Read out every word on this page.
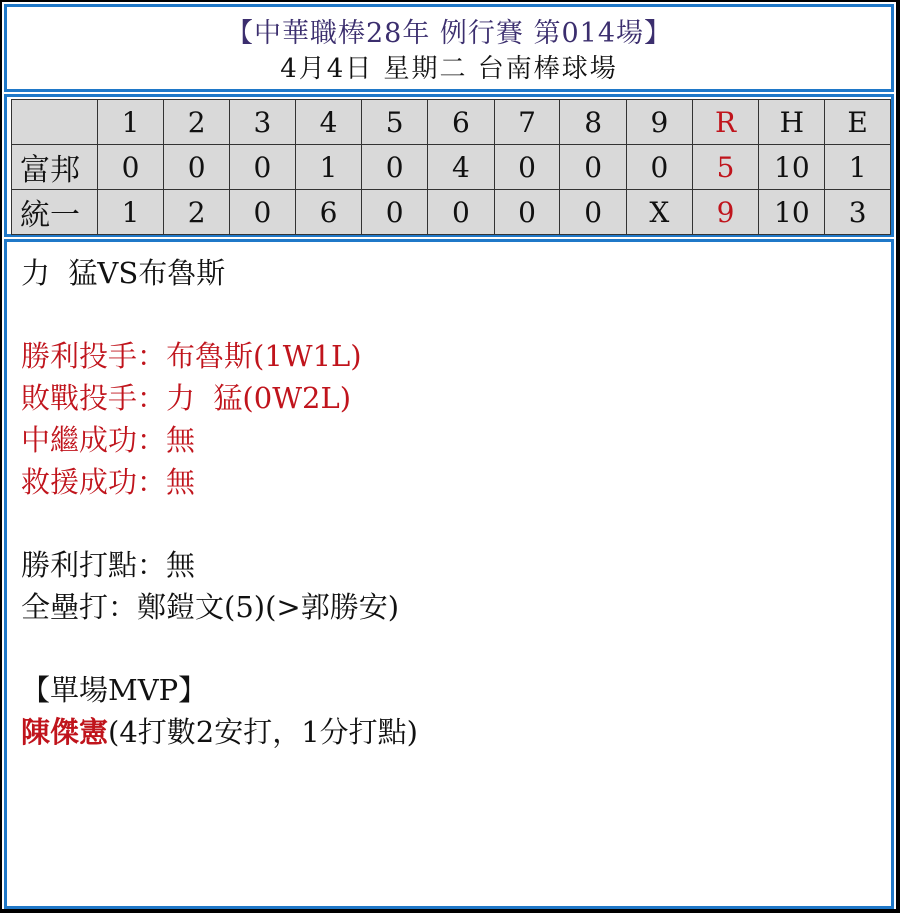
【中華職棒28年 例行賽 第014場】
4月4日 星期二 台南棒球場
	1	2	3	4	5	6	7	8	9	R	H	E
富邦	0	0	0	1	0	4	0	0	0	5	10	1
統一	1	2	0	6	0	0	0	0	X	9	10	3
力  猛VS布魯斯
勝利投手：布魯斯(1W1L)
敗戰投手：力  猛(0W2L)
中繼成功：無
救援成功：無
勝利打點：無
全壘打：鄭鎧文(5)(>郭勝安)
【單場MVP】
陳傑憲(4打數2安打，1分打點)
